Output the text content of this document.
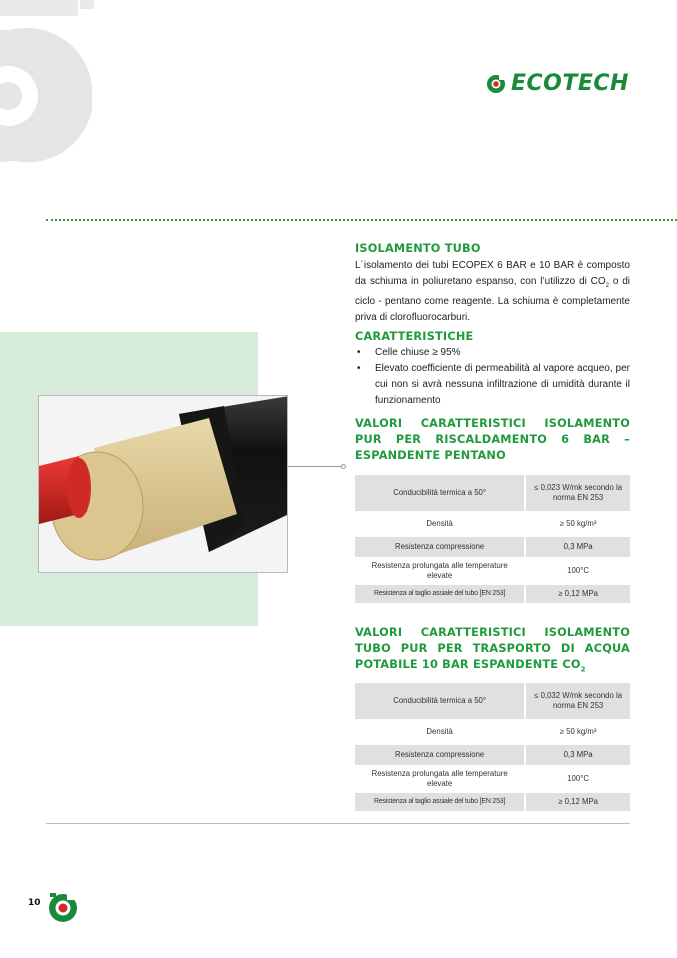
ECOTECH
ISOLAMENTO TUBO

L´isolamento dei tubi ECOPEX 6 BAR e 10 BAR è composto da schiuma in poliuretano espanso, con l’utilizzo di $CO_2$ o di ciclo - pentano come reagente. La schiuma è completamente priva di clorofluorocarburi.

CARATTERISTICHE
• Celle chiuse ≥ 95%
• Elevato coefficiente di permeabilità al vapore acqueo, per cui non si avrà nessuna infiltrazione di umidità durante il funzionamento
VALORI CARATTERISTICI ISOLAMENTO PUR PER RISCALDAMENTO 6 BAR – ESPANDENTE PENTANO
Conducibilità termica a 50°	≤ 0,023 W/mk secondo la norma EN 253
Densità	≥ 50 kg/m³
Resistenza compressione	0,3 MPa
Resistenza prolungata alle temperature elevate	100°C
Resistenza al taglio assiale del tubo [EN 253]	≥ 0,12 MPa
VALORI CARATTERISTICI ISOLAMENTO TUBO PUR PER TRASPORTO DI ACQUA POTABILE 10 BAR ESPANDENTE $CO_2$
Conducibilità termica a 50°	≤ 0,032 W/mk secondo la norma EN 253
Densità	≥ 50 kg/m³
Resistenza compressione	0,3 MPa
Resistenza prolungata alle temperature elevate	100°C
Resistenza al taglio assiale del tubo [EN 253]	≥ 0,12 MPa
10
